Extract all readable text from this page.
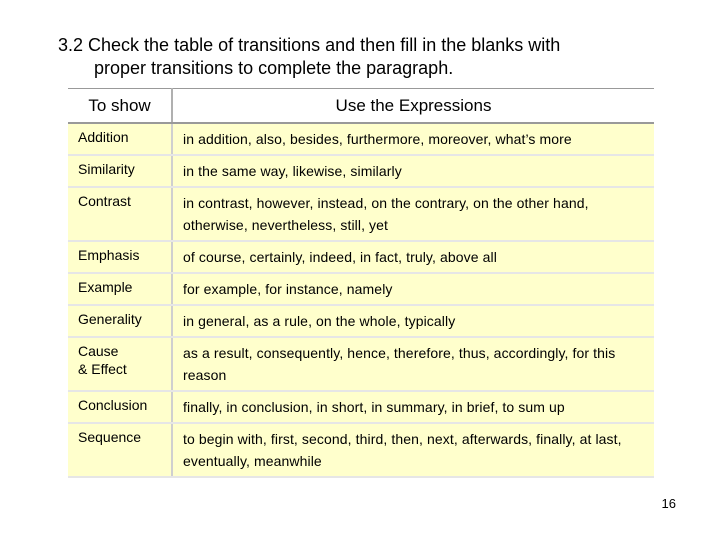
3.2 Check the table of transitions and then fill in the blanks with
proper transitions to complete the paragraph.
To show	Use the Expressions
Addition	in addition, also, besides, furthermore, moreover, what’s more
Similarity	in the same way, likewise, similarly
Contrast	in contrast, however, instead, on the contrary, on the other hand, otherwise, nevertheless, still, yet
Emphasis	of course, certainly, indeed, in fact, truly, above all
Example	for example, for instance, namely
Generality	in general, as a rule, on the whole, typically
Cause & Effect	as a result, consequently, hence, therefore, thus, accordingly, for this reason
Conclusion	finally, in conclusion, in short, in summary, in brief, to sum up
Sequence	to begin with, first, second, third, then, next, afterwards, finally, at last, eventually, meanwhile
16
